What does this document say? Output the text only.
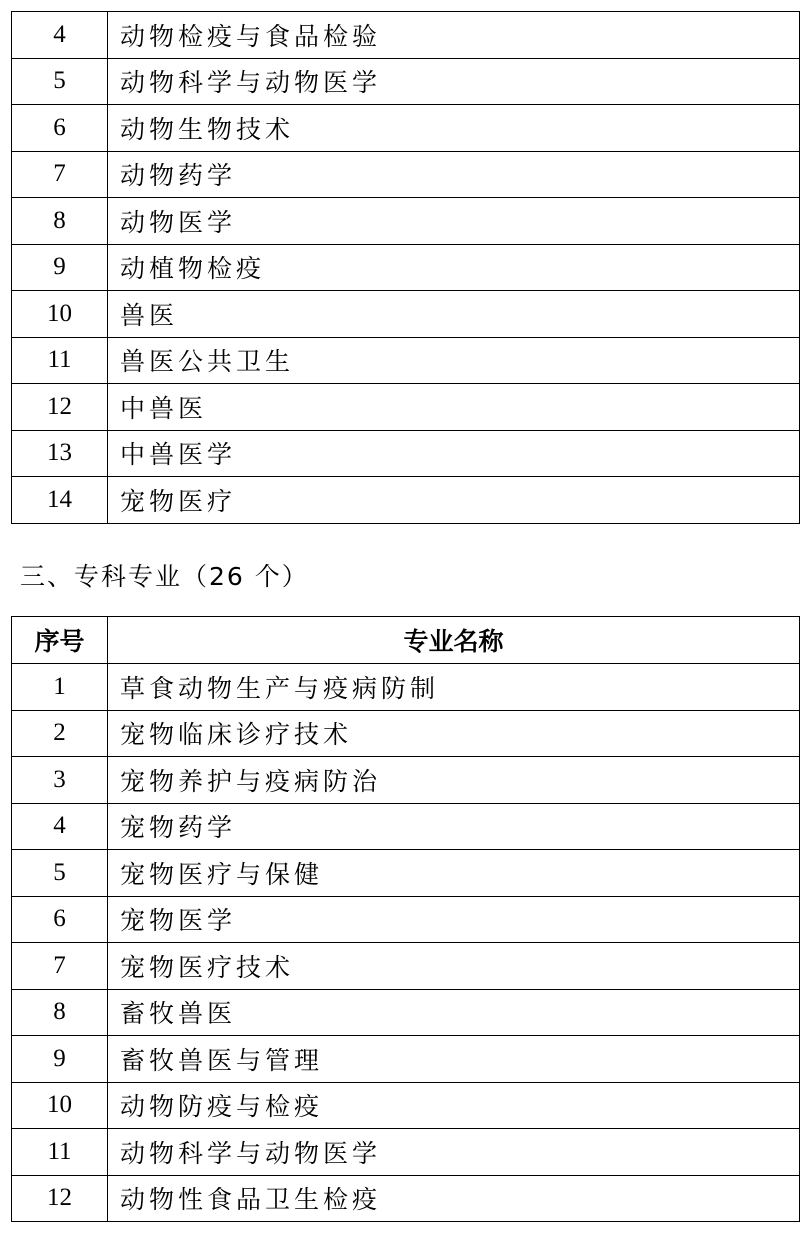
4	动物检疫与食品检验
5	动物科学与动物医学
6	动物生物技术
7	动物药学
8	动物医学
9	动植物检疫
10	兽医
11	兽医公共卫生
12	中兽医
13	中兽医学
14	宠物医疗
三、专科专业（26 个）
序号	专业名称
1	草食动物生产与疫病防制
2	宠物临床诊疗技术
3	宠物养护与疫病防治
4	宠物药学
5	宠物医疗与保健
6	宠物医学
7	宠物医疗技术
8	畜牧兽医
9	畜牧兽医与管理
10	动物防疫与检疫
11	动物科学与动物医学
12	动物性食品卫生检疫
